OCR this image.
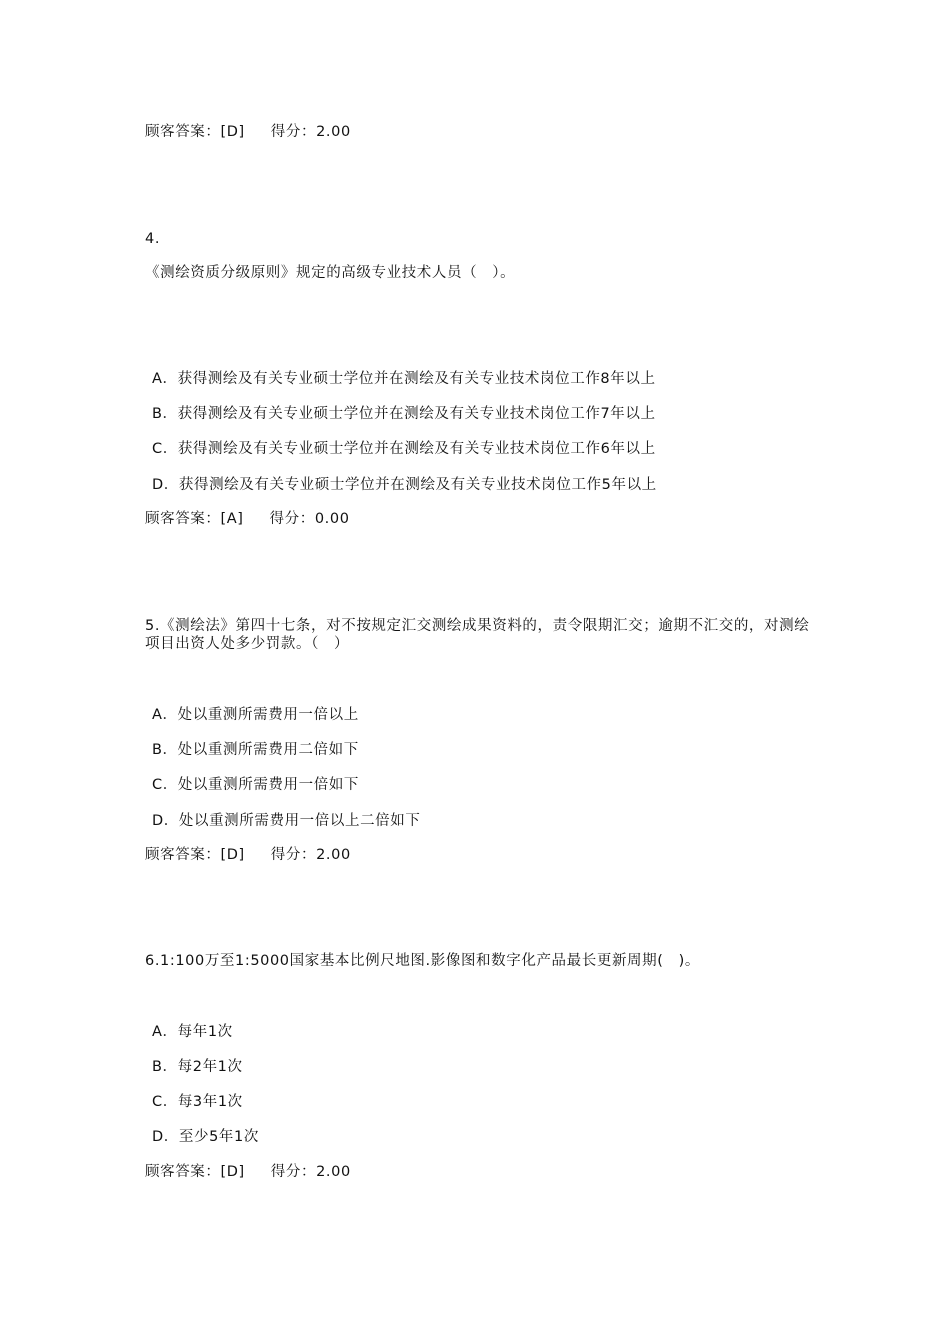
顾客答案：[D] 得分：2.00
4.
《测绘资质分级原则》规定的高级专业技术人员（　）。
A．获得测绘及有关专业硕士学位并在测绘及有关专业技术岗位工作8年以上
B．获得测绘及有关专业硕士学位并在测绘及有关专业技术岗位工作7年以上
C．获得测绘及有关专业硕士学位并在测绘及有关专业技术岗位工作6年以上
D．获得测绘及有关专业硕士学位并在测绘及有关专业技术岗位工作5年以上
顾客答案：[A] 得分：0.00
5.《测绘法》第四十七条，对不按规定汇交测绘成果资料的，责令限期汇交；逾期不汇交的，对测绘项目出资人处多少罚款。（　）
A．处以重测所需费用一倍以上
B．处以重测所需费用二倍如下
C．处以重测所需费用一倍如下
D．处以重测所需费用一倍以上二倍如下
顾客答案：[D] 得分：2.00
6.1:100万至1:5000国家基本比例尺地图.影像图和数字化产品最长更新周期(　)。
A．每年1次
B．每2年1次
C．每3年1次
D．至少5年1次
顾客答案：[D] 得分：2.00
